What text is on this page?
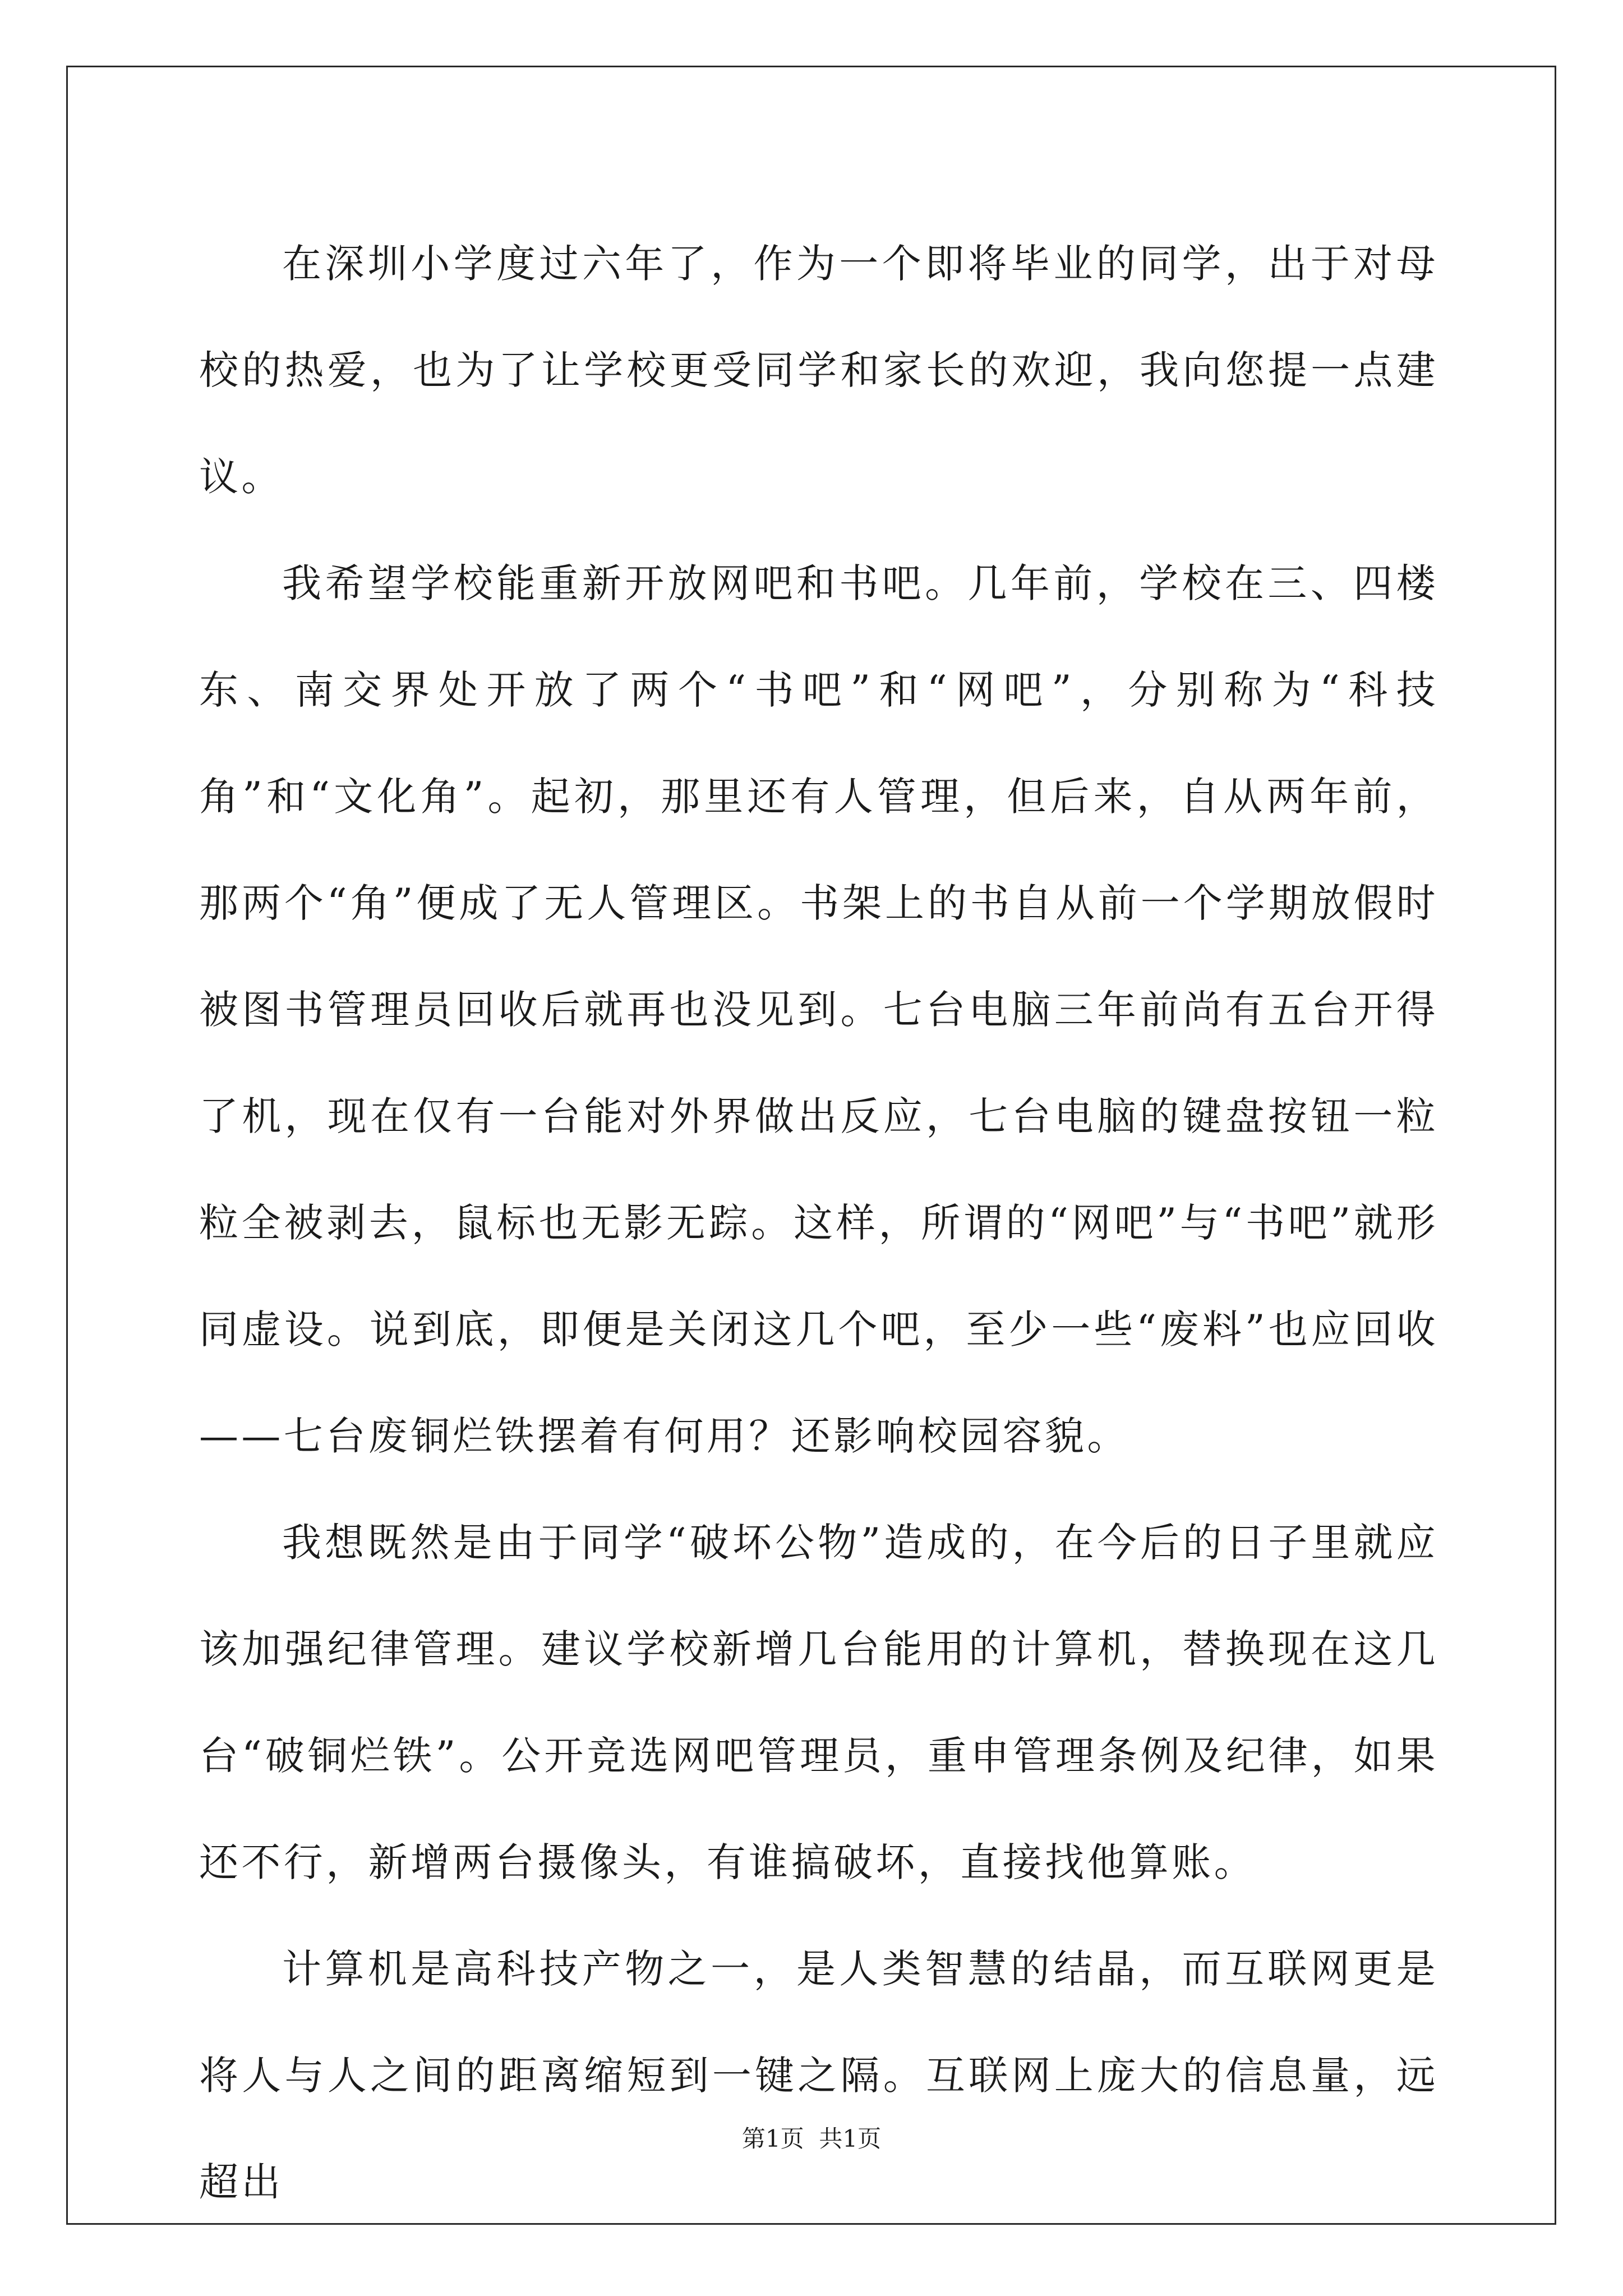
在深圳小学度过六年了，作为一个即将毕业的同学，出于对母校的热爱，也为了让学校更受同学和家长的欢迎，我向您提一点建议。

我希望学校能重新开放网吧和书吧。几年前，学校在三、四楼东、南交界处开放了两个“书吧”和“网吧”，分别称为“科技角”和“文化角”。起初，那里还有人管理，但后来，自从两年前，那两个“角”便成了无人管理区。书架上的书自从前一个学期放假时被图书管理员回收后就再也没见到。七台电脑三年前尚有五台开得了机，现在仅有一台能对外界做出反应，七台电脑的键盘按钮一粒粒全被剥去，鼠标也无影无踪。这样，所谓的“网吧”与“书吧”就形同虚设。说到底，即便是关闭这几个吧，至少一些“废料”也应回收——七台废铜烂铁摆着有何用？还影响校园容貌。

我想既然是由于同学“破坏公物”造成的，在今后的日子里就应该加强纪律管理。建议学校新增几台能用的计算机，替换现在这几台“破铜烂铁”。公开竞选网吧管理员，重申管理条例及纪律，如果还不行，新增两台摄像头，有谁搞破坏，直接找他算账。

计算机是高科技产物之一，是人类智慧的结晶，而互联网更是将人与人之间的距离缩短到一键之隔。互联网上庞大的信息量，远超出

第1页  共1页
